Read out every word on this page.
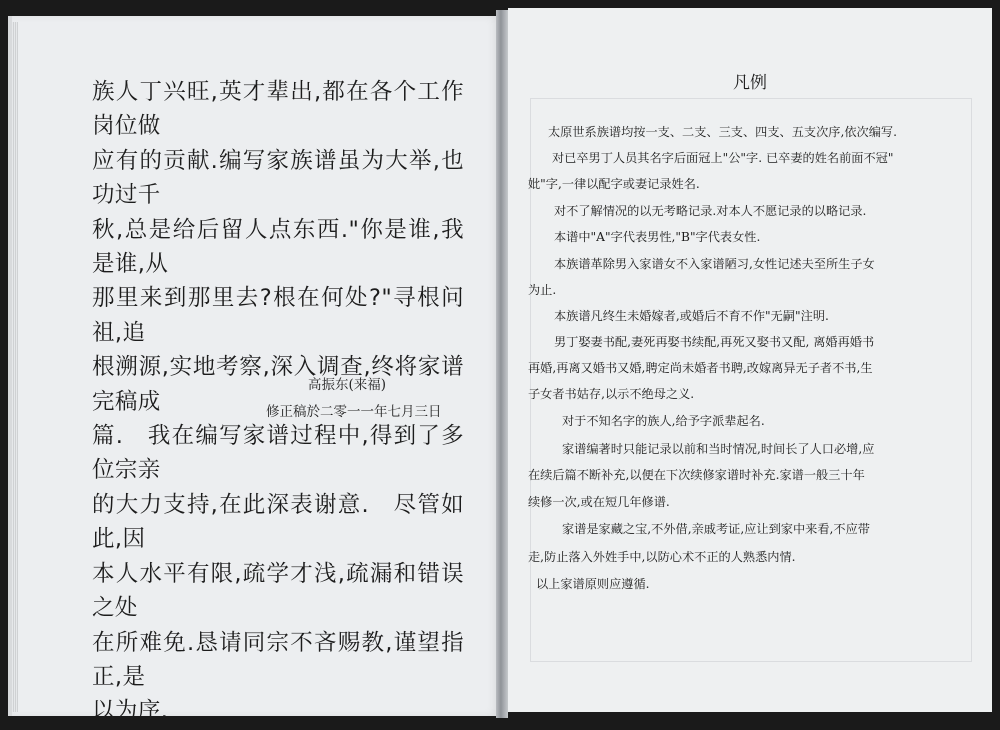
族人丁兴旺,英才辈出,都在各个工作岗位做

应有的贡献.编写家族谱虽为大举,也功过千

秋,总是给后留人点东西."你是谁,我是谁,从

那里来到那里去?根在何处?"寻根问祖,追

根溯源,实地考察,深入调查,终将家谱完稿成

篇.　我在编写家谱过程中,得到了多位宗亲

的大力支持,在此深表谢意.　尽管如此,因

本人水平有限,疏学才浅,疏漏和错误之处

在所难免.恳请同宗不吝赐教,谨望指正,是

以为序.

高振东(来福)
修正稿於二零一一年七月三日
凡例
太原世系族谱均按一支、二支、三支、四支、五支次序,依次编写.
对已卒男丁人员其名字后面冠上"公"字. 已卒妻的姓名前面不冠"
妣"字,一律以配字或妻记录姓名.
对不了解情况的以无考略记录.对本人不愿记录的以略记录.
本谱中"A"字代表男性,"B"字代表女性.
本族谱革除男入家谱女不入家谱陋习,女性记述夫至所生子女
为止.
本族谱凡终生未婚嫁者,或婚后不育不作"无嗣"注明.
男丁娶妻书配,妻死再娶书续配,再死又娶书又配, 离婚再婚书
再婚,再离又婚书又婚,聘定尚未婚者书聘,改嫁离异无子者不书,生
子女者书姑存,以示不绝母之义.
对于不知名字的族人,给予字派辈起名.
家谱编著时只能记录以前和当时情况,时间长了人口必增,应
在续后篇不断补充,以便在下次续修家谱时补充.家谱一般三十年
续修一次,或在短几年修谱.
家谱是家藏之宝,不外借,亲戚考证,应让到家中来看,不应带
走,防止落入外姓手中,以防心术不正的人熟悉内情.
以上家谱原则应遵循.
